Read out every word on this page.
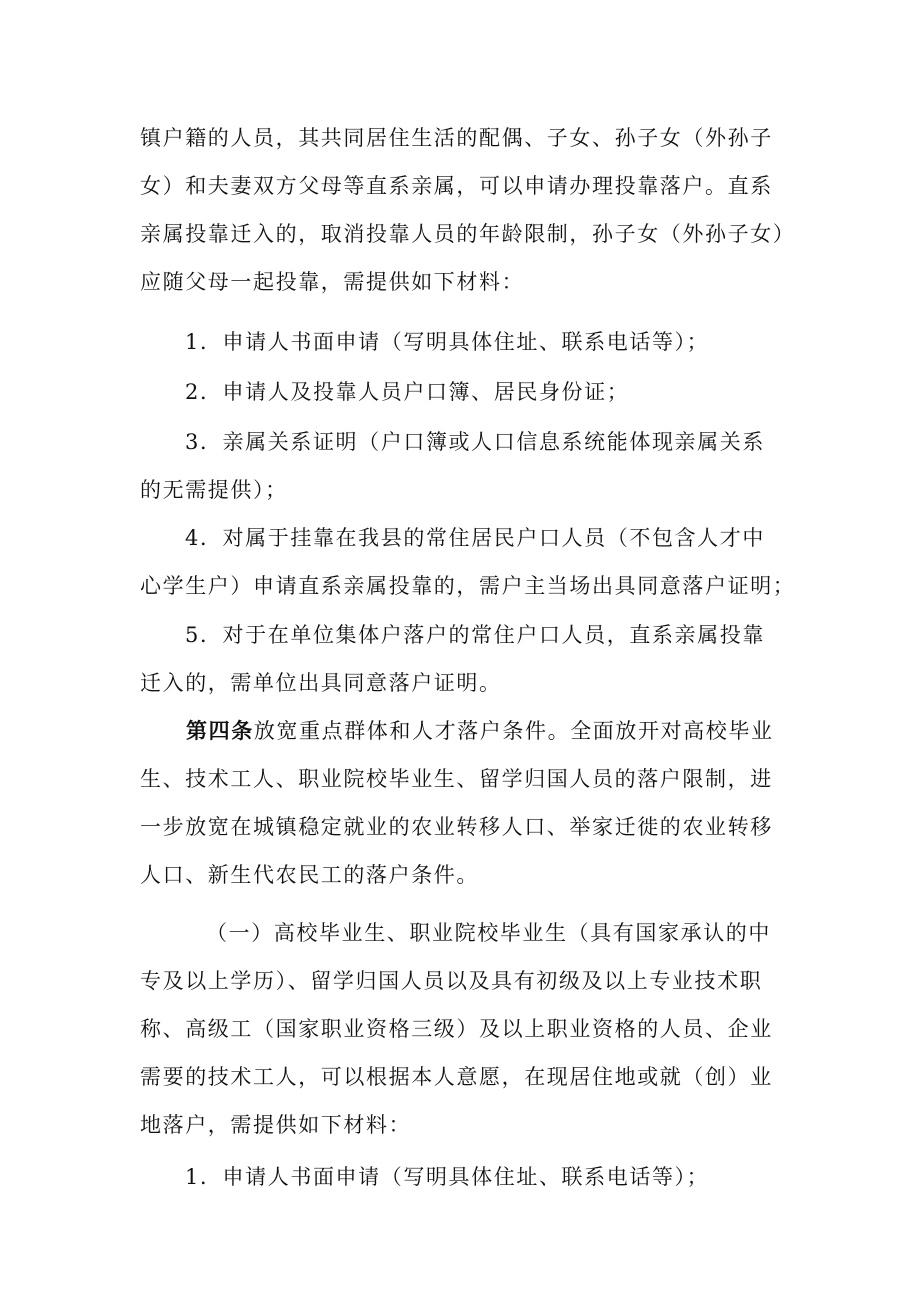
镇户籍的人员，其共同居住生活的配偶、子女、孙子女（外孙子
女）和夫妻双方父母等直系亲属，可以申请办理投靠落户。直系
亲属投靠迁入的，取消投靠人员的年龄限制，孙子女（外孙子女）
应随父母一起投靠，需提供如下材料：
1．申请人书面申请（写明具体住址、联系电话等）；
2．申请人及投靠人员户口簿、居民身份证；
3．亲属关系证明（户口簿或人口信息系统能体现亲属关系
的无需提供）；
4．对属于挂靠在我县的常住居民户口人员（不包含人才中
心学生户）申请直系亲属投靠的，需户主当场出具同意落户证明；
5．对于在单位集体户落户的常住户口人员，直系亲属投靠
迁入的，需单位出具同意落户证明。
第四条放宽重点群体和人才落户条件。全面放开对高校毕业
生、技术工人、职业院校毕业生、留学归国人员的落户限制，进
一步放宽在城镇稳定就业的农业转移人口、举家迁徙的农业转移
人口、新生代农民工的落户条件。
（一）高校毕业生、职业院校毕业生（具有国家承认的中
专及以上学历）、留学归国人员以及具有初级及以上专业技术职
称、高级工（国家职业资格三级）及以上职业资格的人员、企业
需要的技术工人，可以根据本人意愿，在现居住地或就（创）业
地落户，需提供如下材料：
1．申请人书面申请（写明具体住址、联系电话等）；
